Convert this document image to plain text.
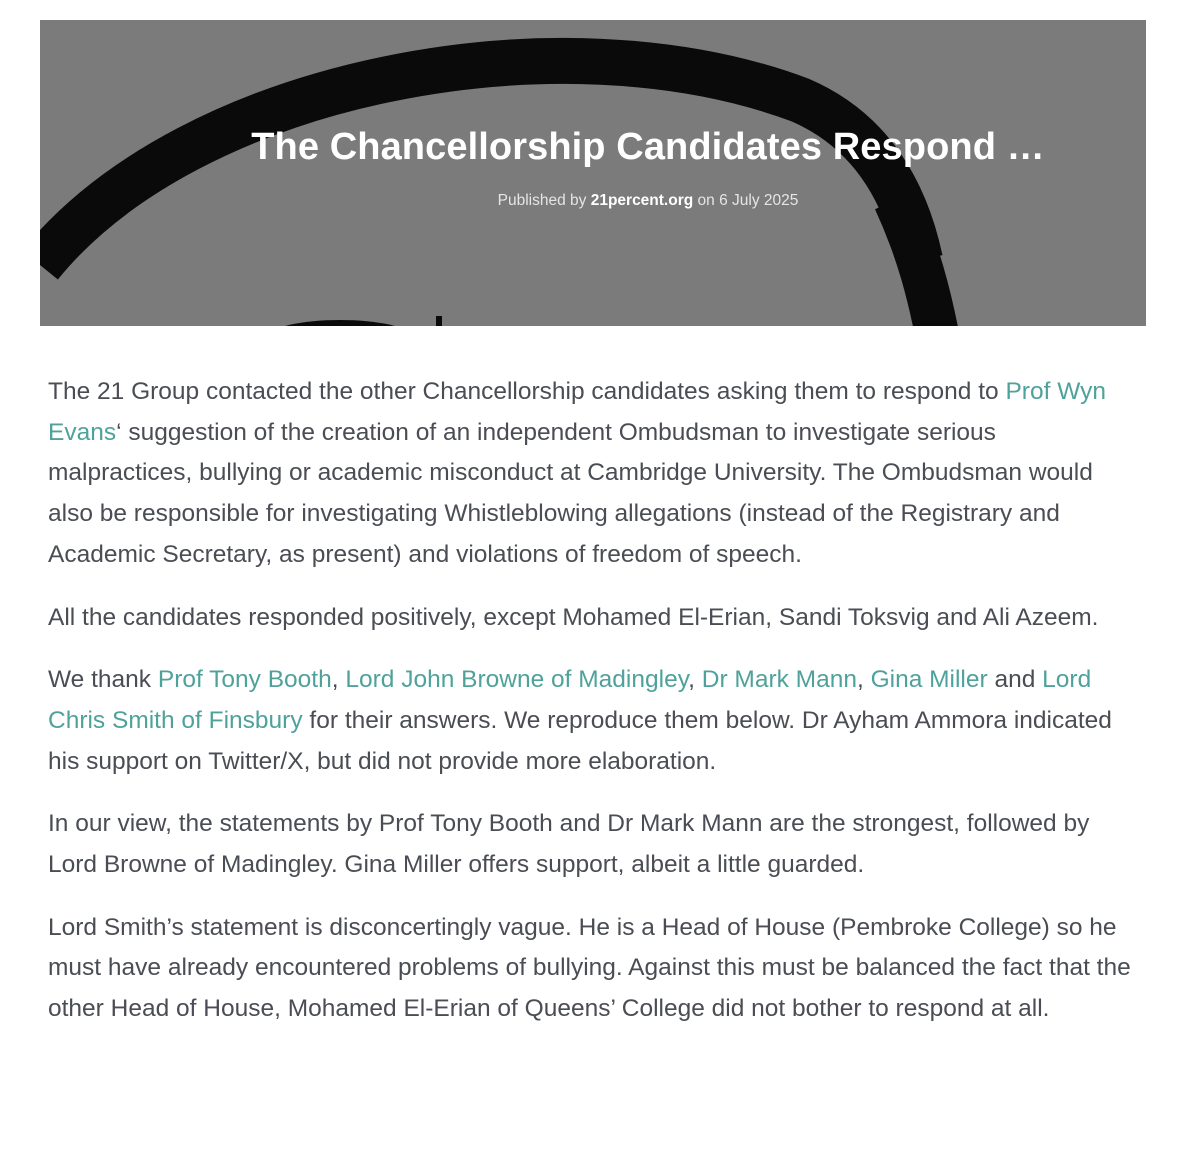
The Chancellorship Candidates Respond …
Published by 21percent.org on 6 July 2025

The 21 Group contacted the other Chancellorship candidates asking them to respond to Prof Wyn Evans‘ suggestion of the creation of an independent Ombudsman to investigate serious malpractices, bullying or academic misconduct at Cambridge University. The Ombudsman would also be responsible for investigating Whistleblowing allegations (instead of the Registrary and Academic Secretary, as present) and violations of freedom of speech.

All the candidates responded positively, except Mohamed El-Erian, Sandi Toksvig and Ali Azeem.

We thank Prof Tony Booth, Lord John Browne of Madingley, Dr Mark Mann, Gina Miller and Lord Chris Smith of Finsbury for their answers. We reproduce them below. Dr Ayham Ammora indicated his support on Twitter/X, but did not provide more elaboration.

In our view, the statements by Prof Tony Booth and Dr Mark Mann are the strongest, followed by Lord Browne of Madingley. Gina Miller offers support, albeit a little guarded.

Lord Smith’s statement is disconcertingly vague. He is a Head of House (Pembroke College) so he must have already encountered problems of bullying. Against this must be balanced the fact that the other Head of House, Mohamed El-Erian of Queens’ College did not bother to respond at all.
